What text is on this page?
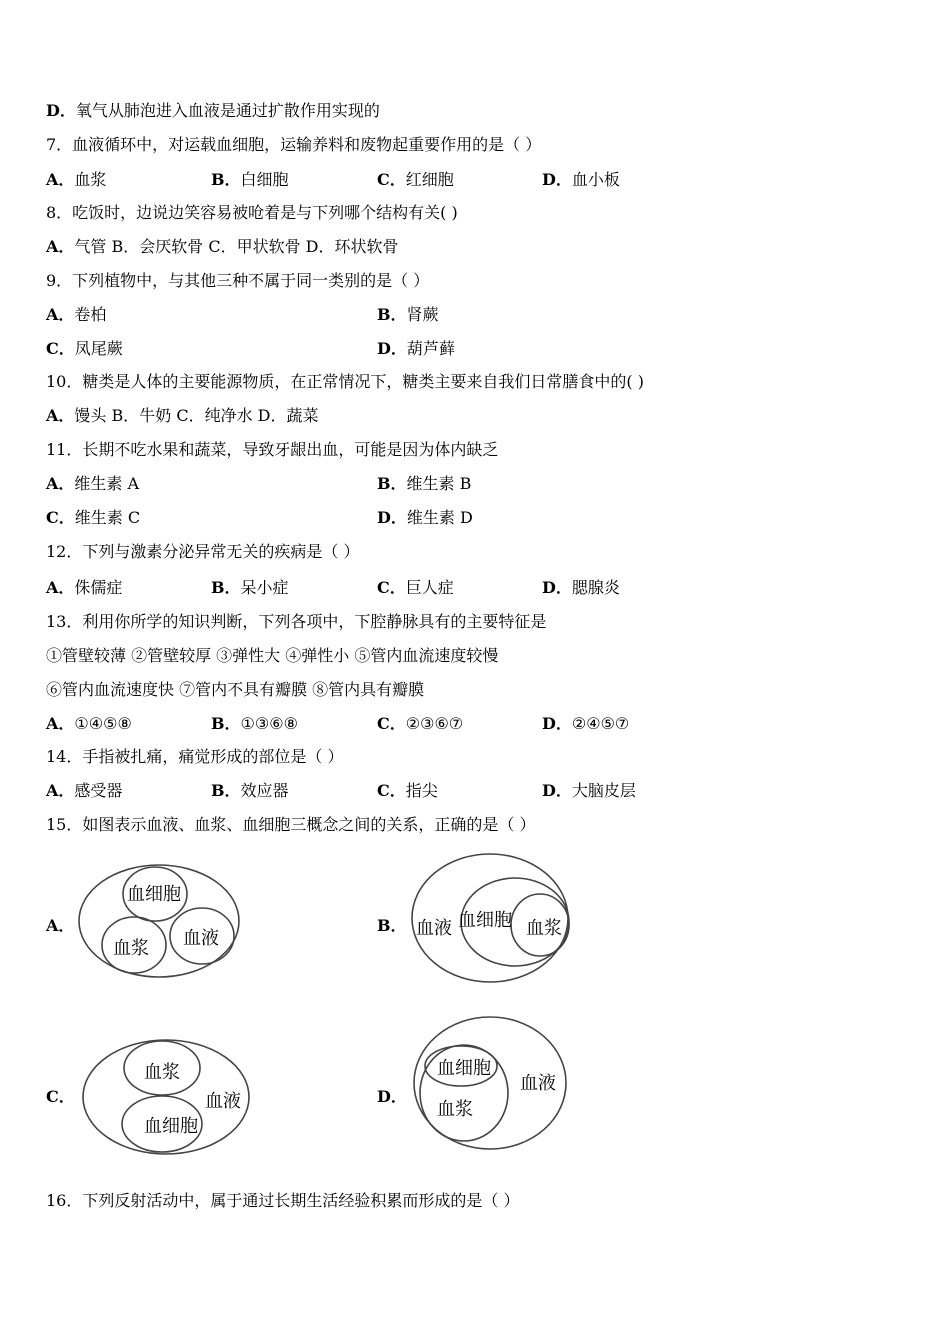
D．氧气从肺泡进入血液是通过扩散作用实现的
7．血液循环中，对运载血细胞，运输养料和废物起重要作用的是（ ）
A．血浆	B．白细胞	C．红细胞	D．血小板
8．吃饭时，边说边笑容易被呛着是与下列哪个结构有关( )
A．气管 B．会厌软骨 C．甲状软骨 D．环状软骨
9．下列植物中，与其他三种不属于同一类别的是（ ）
A．卷柏	B．肾蕨
C．凤尾蕨	D．葫芦藓
10．糖类是人体的主要能源物质，在正常情况下，糖类主要来自我们日常膳食中的( )
A．馒头 B．牛奶 C．纯净水 D．蔬菜
11．长期不吃水果和蔬菜，导致牙龈出血，可能是因为体内缺乏
A．维生素 A	B．维生素 B
C．维生素 C	D．维生素 D
12．下列与激素分泌异常无关的疾病是（ ）
A．侏儒症	B．呆小症	C．巨人症	D．腮腺炎
13．利用你所学的知识判断，下列各项中，下腔静脉具有的主要特征是
①管壁较薄 ②管壁较厚 ③弹性大 ④弹性小 ⑤管内血流速度较慢
⑥管内血流速度快 ⑦管内不具有瓣膜 ⑧管内具有瓣膜
A．①④⑤⑧	B．①③⑥⑧	C．②③⑥⑦	D．②④⑤⑦
14．手指被扎痛，痛觉形成的部位是（ ）
A．感受器	B．效应器	C．指尖	D．大脑皮层
15．如图表示血液、血浆、血细胞三概念之间的关系，正确的是（ ）
A．
血细胞
血浆 血液
B． 血液 血细胞 血浆
C．
血浆
血液
血细胞
D．
血细胞
血浆
血液
16．下列反射活动中，属于通过长期生活经验积累而形成的是（ ）
